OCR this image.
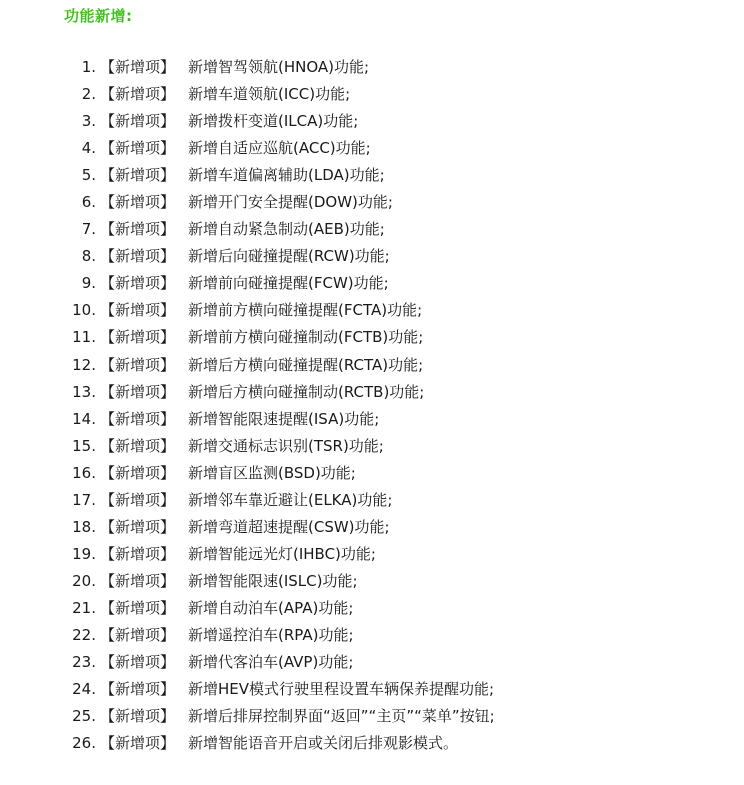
功能新增:
1. 【新增项】 新增智驾领航(HNOA)功能;
2. 【新增项】 新增车道领航(ICC)功能;
3. 【新增项】 新增拨杆变道(ILCA)功能;
4. 【新增项】 新增自适应巡航(ACC)功能;
5. 【新增项】 新增车道偏离辅助(LDA)功能;
6. 【新增项】 新增开门安全提醒(DOW)功能;
7. 【新增项】 新增自动紧急制动(AEB)功能;
8. 【新增项】 新增后向碰撞提醒(RCW)功能;
9. 【新增项】 新增前向碰撞提醒(FCW)功能;
10. 【新增项】 新增前方横向碰撞提醒(FCTA)功能;
11. 【新增项】 新增前方横向碰撞制动(FCTB)功能;
12. 【新增项】 新增后方横向碰撞提醒(RCTA)功能;
13. 【新增项】 新增后方横向碰撞制动(RCTB)功能;
14. 【新增项】 新增智能限速提醒(ISA)功能;
15. 【新增项】 新增交通标志识别(TSR)功能;
16. 【新增项】 新增盲区监测(BSD)功能;
17. 【新增项】 新增邻车靠近避让(ELKA)功能;
18. 【新增项】 新增弯道超速提醒(CSW)功能;
19. 【新增项】 新增智能远光灯(IHBC)功能;
20. 【新增项】 新增智能限速(ISLC)功能;
21. 【新增项】 新增自动泊车(APA)功能;
22. 【新增项】 新增遥控泊车(RPA)功能;
23. 【新增项】 新增代客泊车(AVP)功能;
24. 【新增项】 新增HEV模式行驶里程设置车辆保养提醒功能;
25. 【新增项】 新增后排屏控制界面“返回”“主页”“菜单”按钮;
26. 【新增项】 新增智能语音开启或关闭后排观影模式。
